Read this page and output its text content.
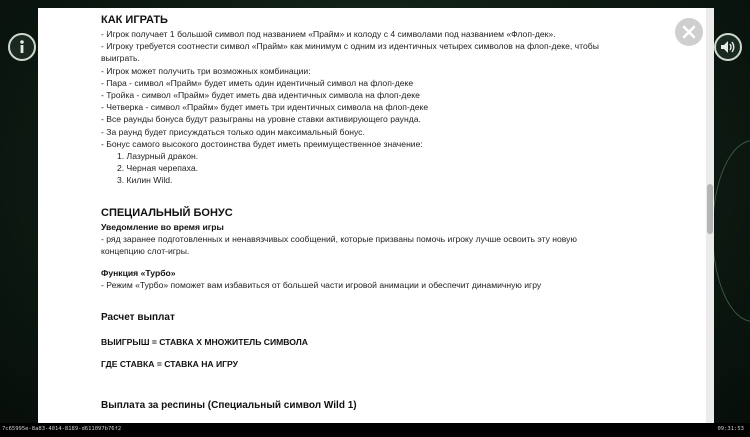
КАК ИГРАТЬ
- Игрок получает 1 большой символ под названием «Прайм» и колоду с 4 символами под названием «Флоп-дек».
- Игроку требуется соотнести символ «Прайм» как минимум с одним из идентичных четырех символов на флоп-деке, чтобы
выиграть.
- Игрок может получить три возможных комбинации:
- Пара - символ «Прайм» будет иметь один идентичный символ на флоп-деке
- Тройка - символ «Прайм» будет иметь два идентичных символа на флоп-деке
- Четверка - символ «Прайм» будет иметь три идентичных символа на флоп-деке
- Все раунды бонуса будут разыграны на уровне ставки активирующего раунда.
- За раунд будет присуждаться только один максимальный бонус.
- Бонус самого высокого достоинства будет иметь преимущественное значение:
1. Лазурный дракон.
2. Черная черепаха.
3. Килин Wild.
СПЕЦИАЛЬНЫЙ БОНУС
Уведомление во время игры
- ряд заранее подготовленных и ненавязчивых сообщений, которые призваны помочь игроку лучше освоить эту новую
концепцию слот-игры.
Функция «Турбо»
- Режим «Турбо» поможет вам избавиться от большей части игровой анимации и обеспечит динамичную игру
Расчет выплат
ВЫИГРЫШ = СТАВКА Х МНОЖИТЕЛЬ СИМВОЛА
ГДЕ СТАВКА = СТАВКА НА ИГРУ
Выплата за респины (Специальный символ Wild 1)
7c65995e-8a83-4014-8189-d611097b76f2	09:31:53
